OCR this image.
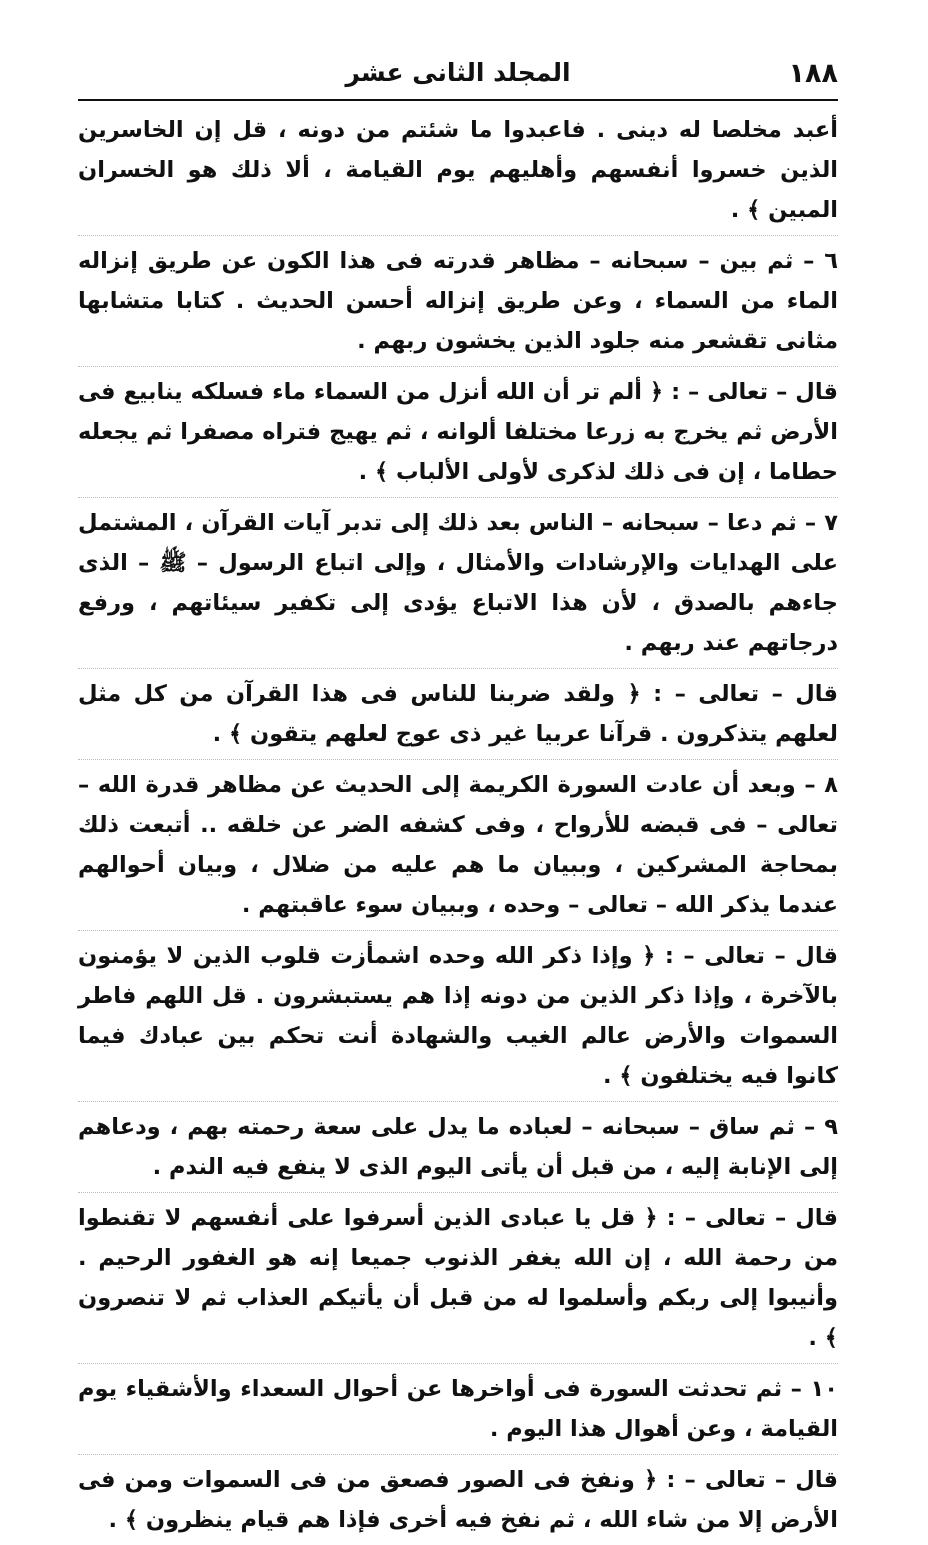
١٨٨
المجلد الثانى عشر

أعبد مخلصا له دينى . فاعبدوا ما شئتم من دونه ، قل إن الخاسرين الذين خسروا أنفسهم وأهليهم يوم القيامة ، ألا ذلك هو الخسران المبين ﴾ .

٦ – ثم بين – سبحانه – مظاهر قدرته فى هذا الكون عن طريق إنزاله الماء من السماء ، وعن طريق إنزاله أحسن الحديث . كتابا متشابها مثانى تقشعر منه جلود الذين يخشون ربهم .

قال – تعالى – : ﴿ ألم تر أن الله أنزل من السماء ماء فسلكه ينابيع فى الأرض ثم يخرج به زرعا مختلفا ألوانه ، ثم يهيج فتراه مصفرا ثم يجعله حطاما ، إن فى ذلك لذكرى لأولى الألباب ﴾ .

٧ – ثم دعا – سبحانه – الناس بعد ذلك إلى تدبر آيات القرآن ، المشتمل على الهدايات والإرشادات والأمثال ، وإلى اتباع الرسول – ﷺ – الذى جاءهم بالصدق ، لأن هذا الاتباع يؤدى إلى تكفير سيئاتهم ، ورفع درجاتهم عند ربهم .

قال – تعالى – : ﴿ ولقد ضربنا للناس فى هذا القرآن من كل مثل لعلهم يتذكرون . قرآنا عربيا غير ذى عوج لعلهم يتقون ﴾ .

٨ – وبعد أن عادت السورة الكريمة إلى الحديث عن مظاهر قدرة الله – تعالى – فى قبضه للأرواح ، وفى كشفه الضر عن خلقه .. أتبعت ذلك بمحاجة المشركين ، وببيان ما هم عليه من ضلال ، وبيان أحوالهم عندما يذكر الله – تعالى – وحده ، وببيان سوء عاقبتهم .

قال – تعالى – : ﴿ وإذا ذكر الله وحده اشمأزت قلوب الذين لا يؤمنون بالآخرة ، وإذا ذكر الذين من دونه إذا هم يستبشرون . قل اللهم فاطر السموات والأرض عالم الغيب والشهادة أنت تحكم بين عبادك فيما كانوا فيه يختلفون ﴾ .

٩ – ثم ساق – سبحانه – لعباده ما يدل على سعة رحمته بهم ، ودعاهم إلى الإنابة إليه ، من قبل أن يأتى اليوم الذى لا ينفع فيه الندم .

قال – تعالى – : ﴿ قل يا عبادى الذين أسرفوا على أنفسهم لا تقنطوا من رحمة الله ، إن الله يغفر الذنوب جميعا إنه هو الغفور الرحيم . وأنيبوا إلى ربكم وأسلموا له من قبل أن يأتيكم العذاب ثم لا تنصرون ﴾ .

١٠ – ثم تحدثت السورة فى أواخرها عن أحوال السعداء والأشقياء يوم القيامة ، وعن أهوال هذا اليوم .

قال – تعالى – : ﴿ ونفخ فى الصور فصعق من فى السموات ومن فى الأرض إلا من شاء الله ، ثم نفخ فيه أخرى فإذا هم قيام ينظرون ﴾ .
